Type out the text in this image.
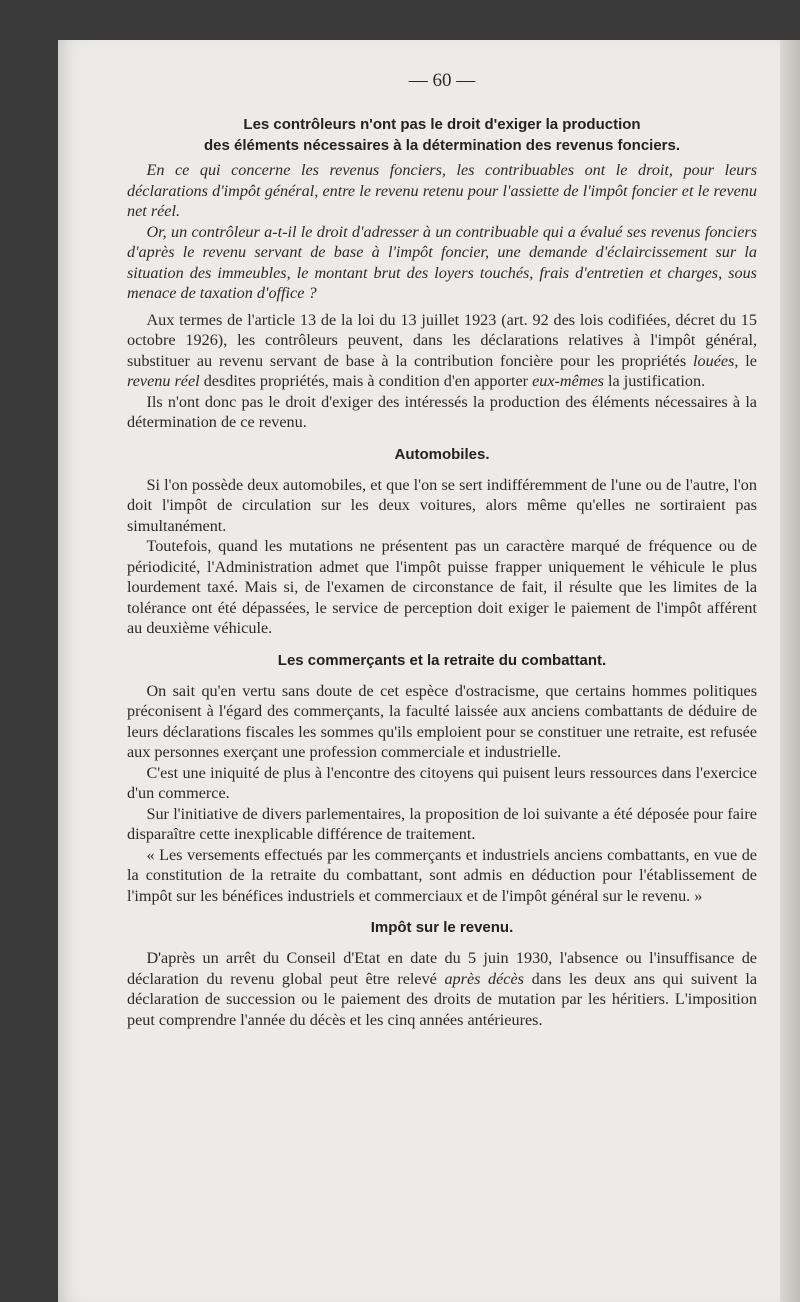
— 60 —
Les contrôleurs n'ont pas le droit d'exiger la production
des éléments nécessaires à la détermination des revenus fonciers.

En ce qui concerne les revenus fonciers, les contribuables ont le droit, pour leurs déclarations d'impôt général, entre le revenu retenu pour l'assiette de l'impôt foncier et le revenu net réel.

Or, un contrôleur a-t-il le droit d'adresser à un contribuable qui a évalué ses revenus fonciers d'après le revenu servant de base à l'impôt foncier, une demande d'éclaircissement sur la situation des immeubles, le montant brut des loyers touchés, frais d'entretien et charges, sous menace de taxation d'office ?

Aux termes de l'article 13 de la loi du 13 juillet 1923 (art. 92 des lois codifiées, décret du 15 octobre 1926), les contrôleurs peuvent, dans les déclarations relatives à l'impôt général, substituer au revenu servant de base à la contribution foncière pour les propriétés louées, le revenu réel desdites propriétés, mais à condition d'en apporter eux-mêmes la justification.

Ils n'ont donc pas le droit d'exiger des intéressés la production des éléments nécessaires à la détermination de ce revenu.

Automobiles.

Si l'on possède deux automobiles, et que l'on se sert indifféremment de l'une ou de l'autre, l'on doit l'impôt de circulation sur les deux voitures, alors même qu'elles ne sortiraient pas simultanément.

Toutefois, quand les mutations ne présentent pas un caractère marqué de fréquence ou de périodicité, l'Administration admet que l'impôt puisse frapper uniquement le véhicule le plus lourdement taxé. Mais si, de l'examen de circonstance de fait, il résulte que les limites de la tolérance ont été dépassées, le service de perception doit exiger le paiement de l'impôt afférent au deuxième véhicule.

Les commerçants et la retraite du combattant.

On sait qu'en vertu sans doute de cet espèce d'ostracisme, que certains hommes politiques préconisent à l'égard des commerçants, la faculté laissée aux anciens combattants de déduire de leurs déclarations fiscales les sommes qu'ils emploient pour se constituer une retraite, est refusée aux personnes exerçant une profession commerciale et industrielle.

C'est une iniquité de plus à l'encontre des citoyens qui puisent leurs ressources dans l'exercice d'un commerce.

Sur l'initiative de divers parlementaires, la proposition de loi suivante a été déposée pour faire disparaître cette inexplicable différence de traitement.

« Les versements effectués par les commerçants et industriels anciens combattants, en vue de la constitution de la retraite du combattant, sont admis en déduction pour l'établissement de l'impôt sur les bénéfices industriels et commerciaux et de l'impôt général sur le revenu. »

Impôt sur le revenu.

D'après un arrêt du Conseil d'Etat en date du 5 juin 1930, l'absence ou l'insuffisance de déclaration du revenu global peut être relevé après décès dans les deux ans qui suivent la déclaration de succession ou le paiement des droits de mutation par les héritiers. L'imposition peut comprendre l'année du décès et les cinq années antérieures.
